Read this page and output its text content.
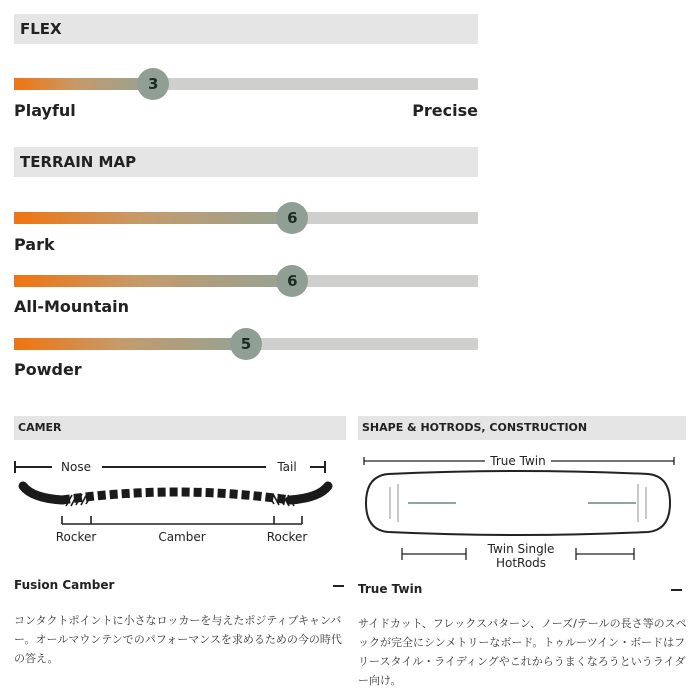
FLEX
3
Playful	Precise
TERRAIN MAP
6
Park
6
All-Mountain
5
Powder
CAMER
Nose	Tail
Rocker	Camber	Rocker
Fusion Camber
コンタクトポイントに小さなロッカーを与えたポジティブキャンバー。オールマウンテンでのパフォーマンスを求めるための今の時代の答え。
SHAPE & HOTRODS, CONSTRUCTION
True Twin
Twin Single
HotRods
True Twin
サイドカット、フレックスパターン、ノーズ/テールの長さ等のスペックが完全にシンメトリーなボード。トゥルーツイン・ボードはフリースタイル・ライディングやこれからうまくなろうというライダー向け。
